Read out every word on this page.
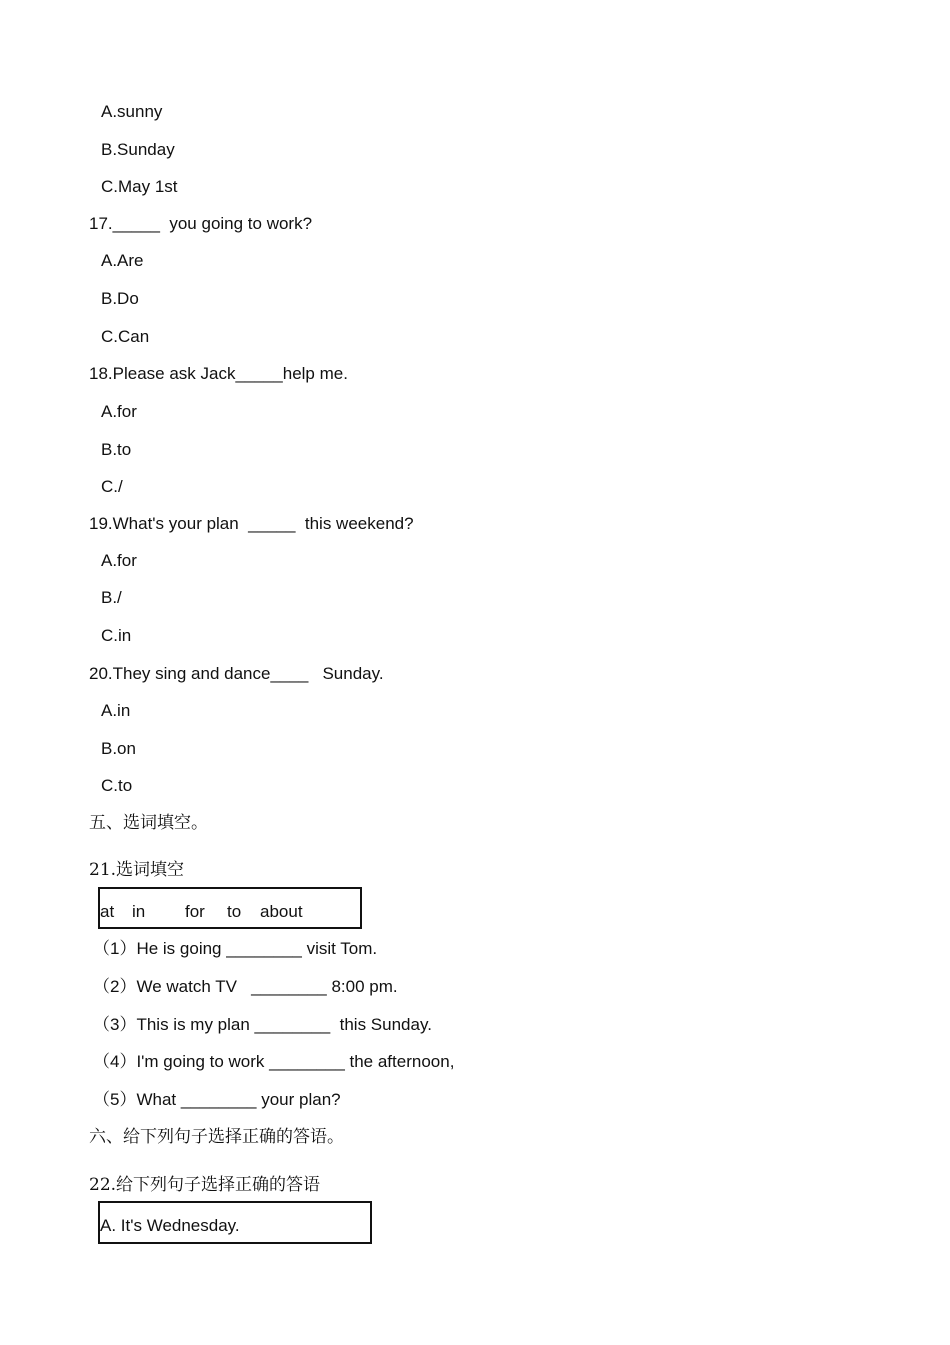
A.sunny
B.Sunday
C.May 1st
17._____  you going to work?
A.Are
B.Do
C.Can
18.Please ask Jack_____help me.
A.for
B.to
C./
19.What's your plan  _____  this weekend?
A.for
B./
C.in
20.They sing and dance____   Sunday.
A.in
B.on
C.to
五、选词填空。
21.选词填空
at in for to about
（1）He is going ________ visit Tom.
（2）We watch TV   ________ 8:00 pm.
（3）This is my plan ________  this Sunday.
（4）I'm going to work ________ the afternoon,
（5）What ________ your plan?
六、给下列句子选择正确的答语。
22.给下列句子选择正确的答语
A. It's Wednesday.
